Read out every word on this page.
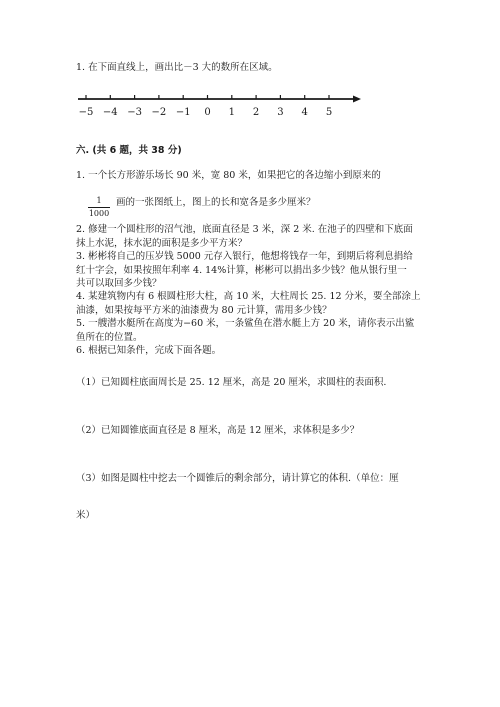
1. 在下面直线上，画出比－3 大的数所在区域。
−5 −4 −3 −2 −1 0 1 2 3 4 5
六. (共 6 题，共 38 分)
1. 一个长方形游乐场长 90 米，宽 80 米，如果把它的各边缩小到原来的
1
1000
画的一张图纸上，图上的长和宽各是多少厘米？
2. 修建一个圆柱形的沼气池，底面直径是 3 米，深 2 米. 在池子的四壁和下底面
抹上水泥，抹水泥的面积是多少平方米？
3. 彬彬将自己的压岁钱 5000 元存入银行，他想将钱存一年，到期后将利息捐给
红十字会，如果按照年利率 4. 14%计算，彬彬可以捐出多少钱？他从银行里一
共可以取回多少钱？
4. 某建筑物内有 6 根圆柱形大柱，高 10 米，大柱周长 25. 12 分米，要全部涂上
油漆，如果按每平方米的油漆费为 80 元计算，需用多少钱？
5. 一艘潜水艇所在高度为−60 米，一条鲨鱼在潜水艇上方 20 米，请你表示出鲨
鱼所在的位置。
6. 根据已知条件，完成下面各题。
（1）已知圆柱底面周长是 25. 12 厘米，高是 20 厘米，求圆柱的表面积.
（2）已知圆锥底面直径是 8 厘米，高是 12 厘米，求体积是多少？
（3）如图是圆柱中挖去一个圆锥后的剩余部分，请计算它的体积.（单位：厘
米）
